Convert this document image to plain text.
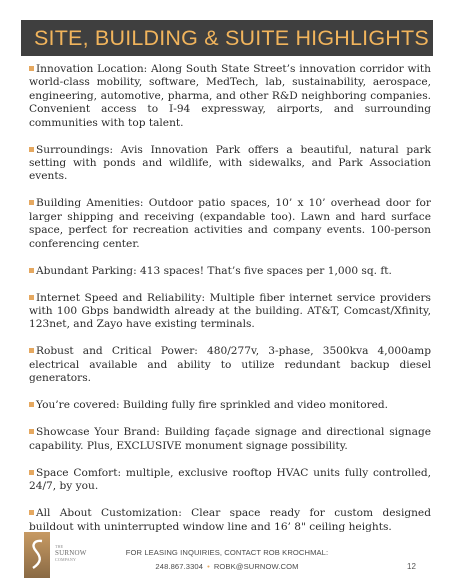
SITE, BUILDING & SUITE HIGHLIGHTS

Innovation Location: Along South State Street’s innovation corridor with world-class mobility, software, MedTech, lab, sustainability, aerospace, engineering, automotive, pharma, and other R&D neighboring companies. Convenient access to I-94 expressway, airports, and surrounding communities with top talent.

Surroundings: Avis Innovation Park offers a beautiful, natural park setting with ponds and wildlife, with sidewalks, and Park Association events.

Building Amenities: Outdoor patio spaces, 10’ x 10’ overhead door for larger shipping and receiving (expandable too). Lawn and hard surface space, perfect for recreation activities and company events. 100-person conferencing center.

Abundant Parking: 413 spaces! That’s five spaces per 1,000 sq. ft.

Internet Speed and Reliability: Multiple fiber internet service providers with 100 Gbps bandwidth already at the building. AT&T, Comcast/Xfinity, 123net, and Zayo have existing terminals.

Robust and Critical Power: 480/277v, 3-phase, 3500kva 4,000amp electrical available and ability to utilize redundant backup diesel generators.

You’re covered: Building fully fire sprinkled and video monitored.

Showcase Your Brand: Building façade signage and directional signage capability. Plus, EXCLUSIVE monument signage possibility.

Space Comfort: multiple, exclusive rooftop HVAC units fully controlled, 24/7, by you.

All About Customization: Clear space ready for custom designed buildout with uninterrupted window line and 16’ 8" ceiling heights.

THE
SURNOW
COMPANY
FOR LEASING INQUIRIES, CONTACT ROB KROCHMAL:
248.867.3304 • ROBK@SURNOW.COM	12
